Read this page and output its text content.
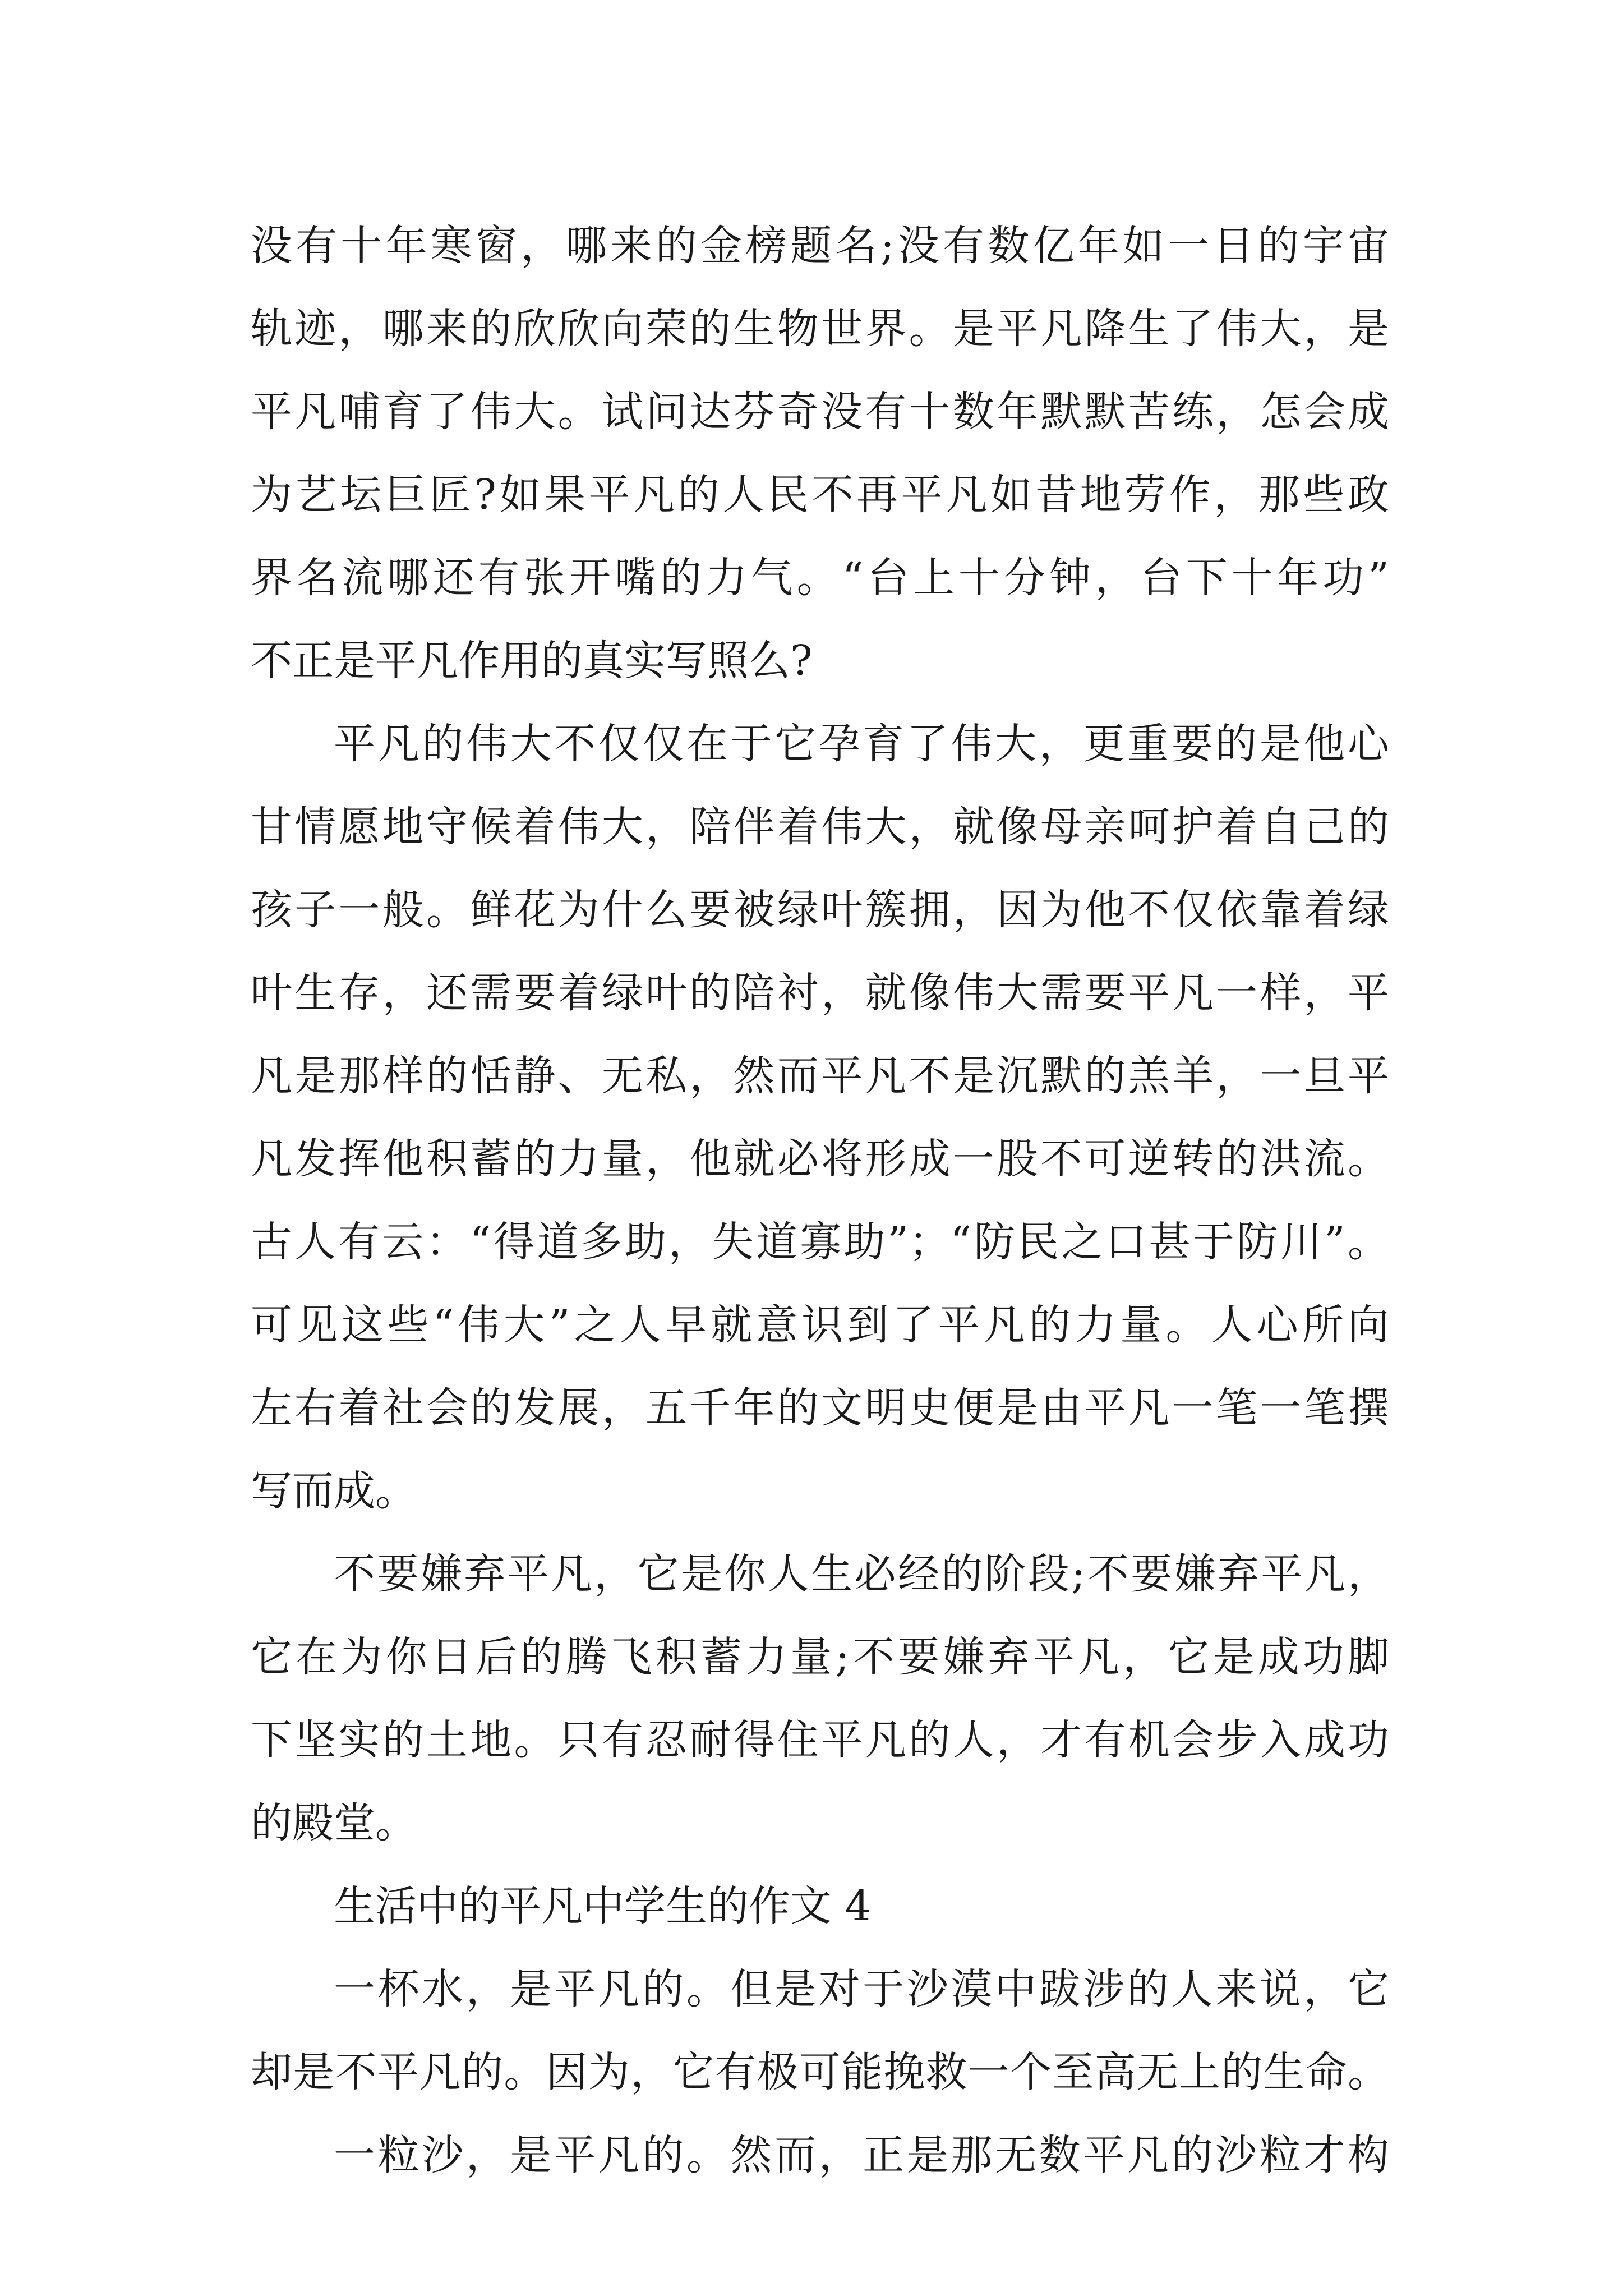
没有十年寒窗，哪来的金榜题名;没有数亿年如一日的宇宙
轨迹，哪来的欣欣向荣的生物世界。是平凡降生了伟大，是
平凡哺育了伟大。试问达芬奇没有十数年默默苦练，怎会成
为艺坛巨匠?如果平凡的人民不再平凡如昔地劳作，那些政
界名流哪还有张开嘴的力气。“台上十分钟，台下十年功”
不正是平凡作用的真实写照么?
平凡的伟大不仅仅在于它孕育了伟大，更重要的是他心
甘情愿地守候着伟大，陪伴着伟大，就像母亲呵护着自己的
孩子一般。鲜花为什么要被绿叶簇拥，因为他不仅依靠着绿
叶生存，还需要着绿叶的陪衬，就像伟大需要平凡一样，平
凡是那样的恬静、无私，然而平凡不是沉默的羔羊，一旦平
凡发挥他积蓄的力量，他就必将形成一股不可逆转的洪流。
古人有云：“得道多助，失道寡助”；“防民之口甚于防川”。
可见这些“伟大”之人早就意识到了平凡的力量。人心所向
左右着社会的发展，五千年的文明史便是由平凡一笔一笔撰
写而成。
不要嫌弃平凡，它是你人生必经的阶段;不要嫌弃平凡，
它在为你日后的腾飞积蓄力量;不要嫌弃平凡，它是成功脚
下坚实的土地。只有忍耐得住平凡的人，才有机会步入成功
的殿堂。
生活中的平凡中学生的作文 4
一杯水，是平凡的。但是对于沙漠中跋涉的人来说，它
却是不平凡的。因为，它有极可能挽救一个至高无上的生命。
一粒沙，是平凡的。然而，正是那无数平凡的沙粒才构
